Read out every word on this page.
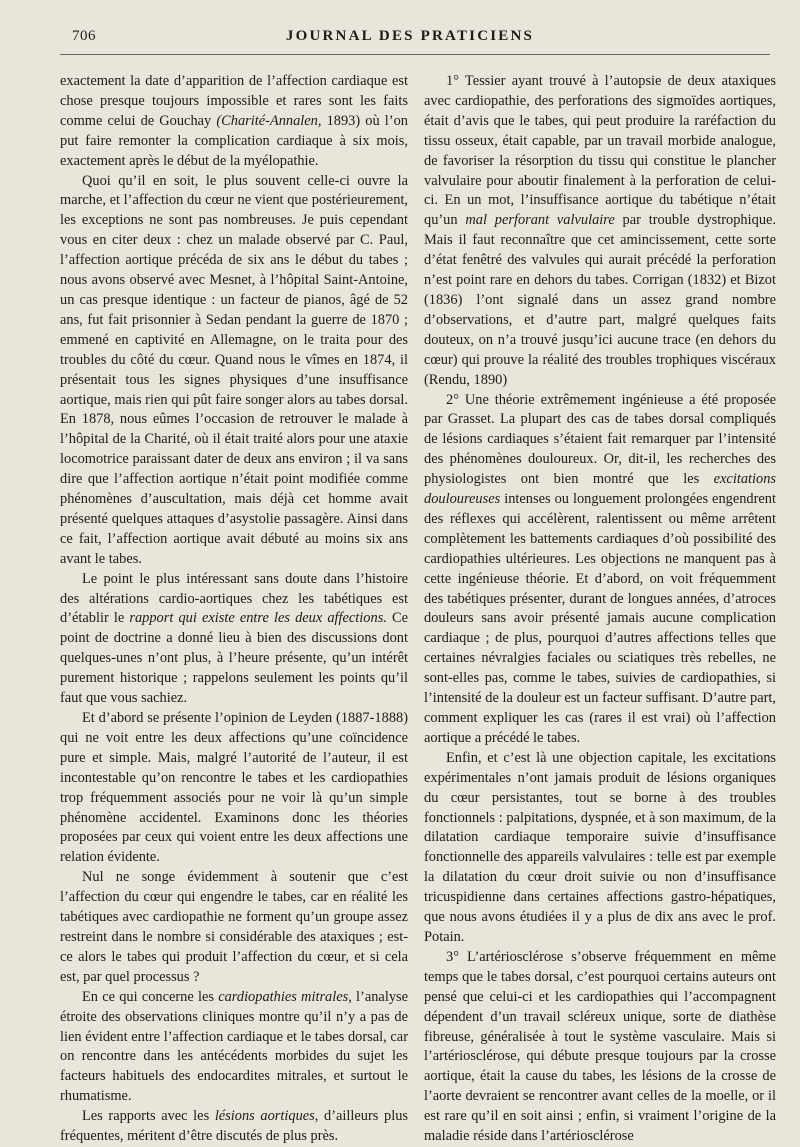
706	JOURNAL DES PRATICIENS

exactement la date d’apparition de l’affection cardiaque est chose presque toujours impossible et rares sont les faits comme celui de Gouchay (Charité-Annalen, 1893) où l’on put faire remonter la complication cardiaque à six mois, exactement après le début de la myélopathie.

Quoi qu’il en soit, le plus souvent celle-ci ouvre la marche, et l’affection du cœur ne vient que postérieurement, les exceptions ne sont pas nombreuses. Je puis cependant vous en citer deux : chez un malade observé par C. Paul, l’affection aortique précéda de six ans le début du tabes ; nous avons observé avec Mesnet, à l’hôpital Saint-Antoine, un cas presque identique : un facteur de pianos, âgé de 52 ans, fut fait prisonnier à Sedan pendant la guerre de 1870 ; emmené en captivité en Allemagne, on le traita pour des troubles du côté du cœur. Quand nous le vîmes en 1874, il présentait tous les signes physiques d’une insuffisance aortique, mais rien qui pût faire songer alors au tabes dorsal. En 1878, nous eûmes l’occasion de retrouver le malade à l’hôpital de la Charité, où il était traité alors pour une ataxie locomotrice paraissant dater de deux ans environ ; il va sans dire que l’affection aortique n’était point modifiée comme phénomènes d’auscultation, mais déjà cet homme avait présenté quelques attaques d’asystolie passagère. Ainsi dans ce fait, l’affection aortique avait débuté au moins six ans avant le tabes.

Le point le plus intéressant sans doute dans l’histoire des altérations cardio-aortiques chez les tabétiques est d’établir le rapport qui existe entre les deux affections. Ce point de doctrine a donné lieu à bien des discussions dont quelques-unes n’ont plus, à l’heure présente, qu’un intérêt purement historique ; rappelons seulement les points qu’il faut que vous sachiez.

Et d’abord se présente l’opinion de Leyden (1887-1888) qui ne voit entre les deux affections qu’une coïncidence pure et simple. Mais, malgré l’autorité de l’auteur, il est incontestable qu’on rencontre le tabes et les cardiopathies trop fréquemment associés pour ne voir là qu’un simple phénomène accidentel. Examinons donc les théories proposées par ceux qui voient entre les deux affections une relation évidente.

Nul ne songe évidemment à soutenir que c’est l’affection du cœur qui engendre le tabes, car en réalité les tabétiques avec cardiopathie ne forment qu’un groupe assez restreint dans le nombre si considérable des ataxiques ; est-ce alors le tabes qui produit l’affection du cœur, et si cela est, par quel processus ?

En ce qui concerne les cardiopathies mitrales, l’analyse étroite des observations cliniques montre qu’il n’y a pas de lien évident entre l’affection cardiaque et le tabes dorsal, car on rencontre dans les antécédents morbides du sujet les facteurs habituels des endocardites mitrales, et surtout le rhumatisme.

Les rapports avec les lésions aortiques, d’ailleurs plus fréquentes, méritent d’être discutés de plus près.

1° Tessier ayant trouvé à l’autopsie de deux ataxiques avec cardiopathie, des perforations des sigmoïdes aortiques, était d’avis que le tabes, qui peut produire la raréfaction du tissu osseux, était capable, par un travail morbide analogue, de favoriser la résorption du tissu qui constitue le plancher valvulaire pour aboutir finalement à la perforation de celui-ci. En un mot, l’insuffisance aortique du tabétique n’était qu’un mal perforant valvulaire par trouble dystrophique. Mais il faut reconnaître que cet amincissement, cette sorte d’état fenêtré des valvules qui aurait précédé la perforation n’est point rare en dehors du tabes. Corrigan (1832) et Bizot (1836) l’ont signalé dans un assez grand nombre d’observations, et d’autre part, malgré quelques faits douteux, on n’a trouvé jusqu’ici aucune trace (en dehors du cœur) qui prouve la réalité des troubles trophiques viscéraux (Rendu, 1890)

2° Une théorie extrêmement ingénieuse a été proposée par Grasset. La plupart des cas de tabes dorsal compliqués de lésions cardiaques s’étaient fait remarquer par l’intensité des phénomènes douloureux. Or, dit-il, les recherches des physiologistes ont bien montré que les excitations douloureuses intenses ou longuement prolongées engendrent des réflexes qui accélèrent, ralentissent ou même arrêtent complètement les battements cardiaques d’où possibilité des cardiopathies ultérieures. Les objections ne manquent pas à cette ingénieuse théorie. Et d’abord, on voit fréquemment des tabétiques présenter, durant de longues années, d’atroces douleurs sans avoir présenté jamais aucune complication cardiaque ; de plus, pourquoi d’autres affections telles que certaines névralgies faciales ou sciatiques très rebelles, ne sont-elles pas, comme le tabes, suivies de cardiopathies, si l’intensité de la douleur est un facteur suffisant. D’autre part, comment expliquer les cas (rares il est vrai) où l’affection aortique a précédé le tabes.

Enfin, et c’est là une objection capitale, les excitations expérimentales n’ont jamais produit de lésions organiques du cœur persistantes, tout se borne à des troubles fonctionnels : palpitations, dyspnée, et à son maximum, de la dilatation cardiaque temporaire suivie d’insuffisance fonctionnelle des appareils valvulaires : telle est par exemple la dilatation du cœur droit suivie ou non d’insuffisance tricuspidienne dans certaines affections gastro-hépatiques, que nous avons étudiées il y a plus de dix ans avec le prof. Potain.

3° L’artériosclérose s’observe fréquemment en même temps que le tabes dorsal, c’est pourquoi certains auteurs ont pensé que celui-ci et les cardiopathies qui l’accompagnent dépendent d’un travail scléreux unique, sorte de diathèse fibreuse, généralisée à tout le système vasculaire. Mais si l’artériosclérose, qui débute presque toujours par la crosse aortique, était la cause du tabes, les lésions de la crosse de l’aorte devraient se rencontrer avant celles de la moelle, or il est rare qu’il en soit ainsi ; enfin, si vraiment l’origine de la maladie réside dans l’artériosclérose
